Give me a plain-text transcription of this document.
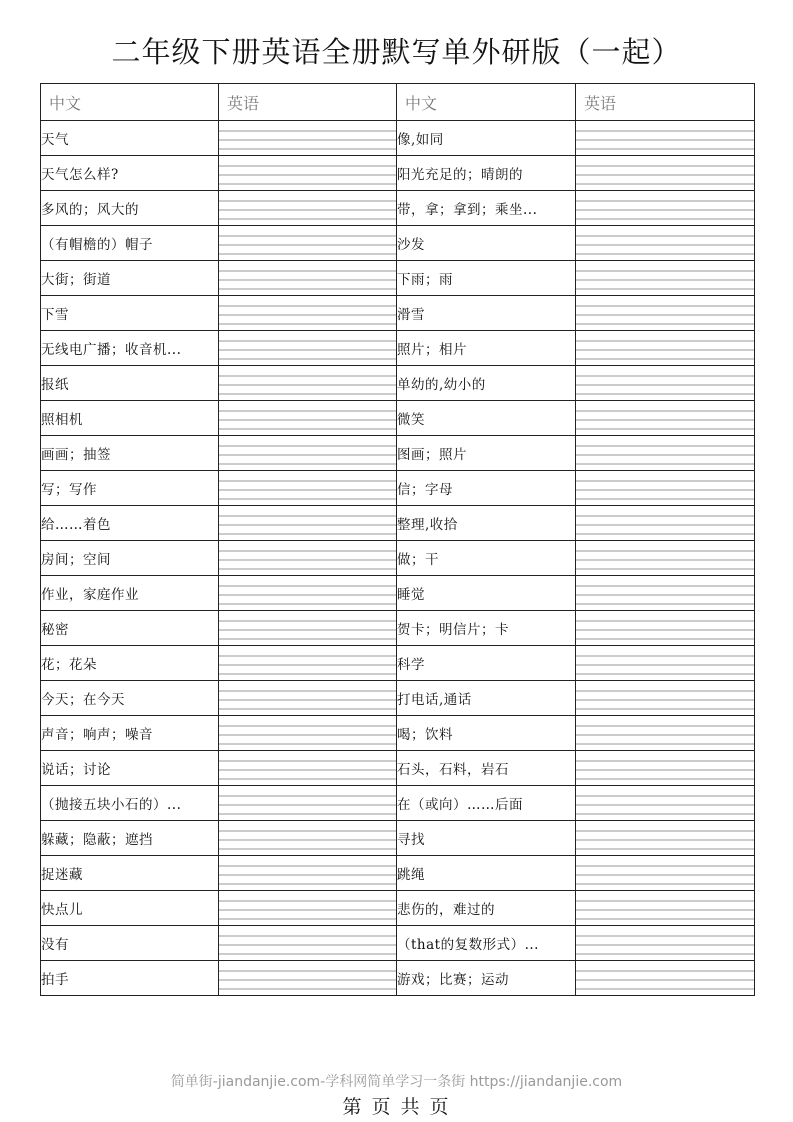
二年级下册英语全册默写单外研版（一起）
中文	英语	中文	英语
天气		像,如同	
天气怎么样?		阳光充足的；晴朗的	
多风的；风大的		带，拿；拿到；乘坐...	
（有帽檐的）帽子		沙发	
大街；街道		下雨；雨	
下雪		滑雪	
无线电广播；收音机...		照片；相片	
报纸		单幼的,幼小的	
照相机		微笑	
画画；抽签		图画；照片	
写；写作		信；字母	
给……着色		整理,收拾	
房间；空间		做；干	
作业，家庭作业		睡觉	
秘密		贺卡；明信片；卡	
花；花朵		科学	
今天；在今天		打电话,通话	
声音；响声；噪音		喝；饮料	
说话；讨论		石头，石料，岩石	
（抛接五块小石的）...		在（或向）……后面	
躲藏；隐蔽；遮挡		寻找	
捉迷藏		跳绳	
快点儿		悲伤的，难过的	
没有		（that的复数形式）...	
拍手		游戏；比赛；运动	
简单街-jiandanjie.com-学科网简单学习一条街 https://jiandanjie.com
第 页 共 页
